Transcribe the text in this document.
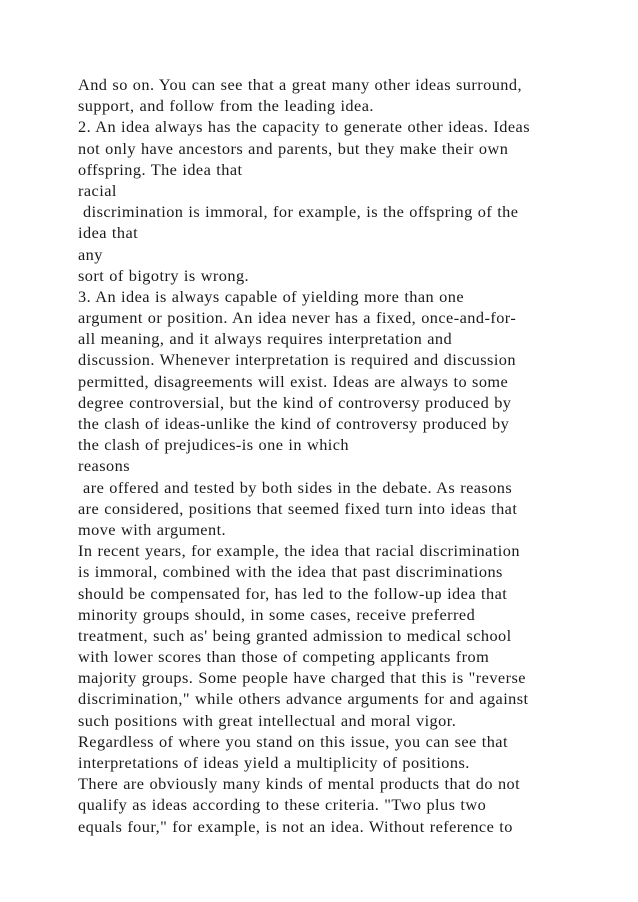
And so on. You can see that a great many other ideas surround,
support, and follow from the leading idea.
2. An idea always has the capacity to generate other ideas. Ideas
not only have ancestors and parents, but they make their own
offspring. The idea that
racial
discrimination is immoral, for example, is the offspring of the
idea that
any
sort of bigotry is wrong.
3. An idea is always capable of yielding more than one
argument or position. An idea never has a fixed, once-and-for-
all meaning, and it always requires interpretation and
discussion. Whenever interpretation is required and discussion
permitted, disagreements will exist. Ideas are always to some
degree controversial, but the kind of controversy produced by
the clash of ideas-unlike the kind of controversy produced by
the clash of prejudices-is one in which
reasons
are offered and tested by both sides in the debate. As reasons
are considered, positions that seemed fixed turn into ideas that
move with argument.
In recent years, for example, the idea that racial discrimination
is immoral, combined with the idea that past discriminations
should be compensated for, has led to the follow-up idea that
minority groups should, in some cases, receive preferred
treatment, such as' being granted admission to medical school
with lower scores than those of competing applicants from
majority groups. Some people have charged that this is "reverse
discrimination," while others advance arguments for and against
such positions with great intellectual and moral vigor.
Regardless of where you stand on this issue, you can see that
interpretations of ideas yield a multiplicity of positions.
There are obviously many kinds of mental products that do not
qualify as ideas according to these criteria. "Two plus two
equals four," for example, is not an idea. Without reference to
